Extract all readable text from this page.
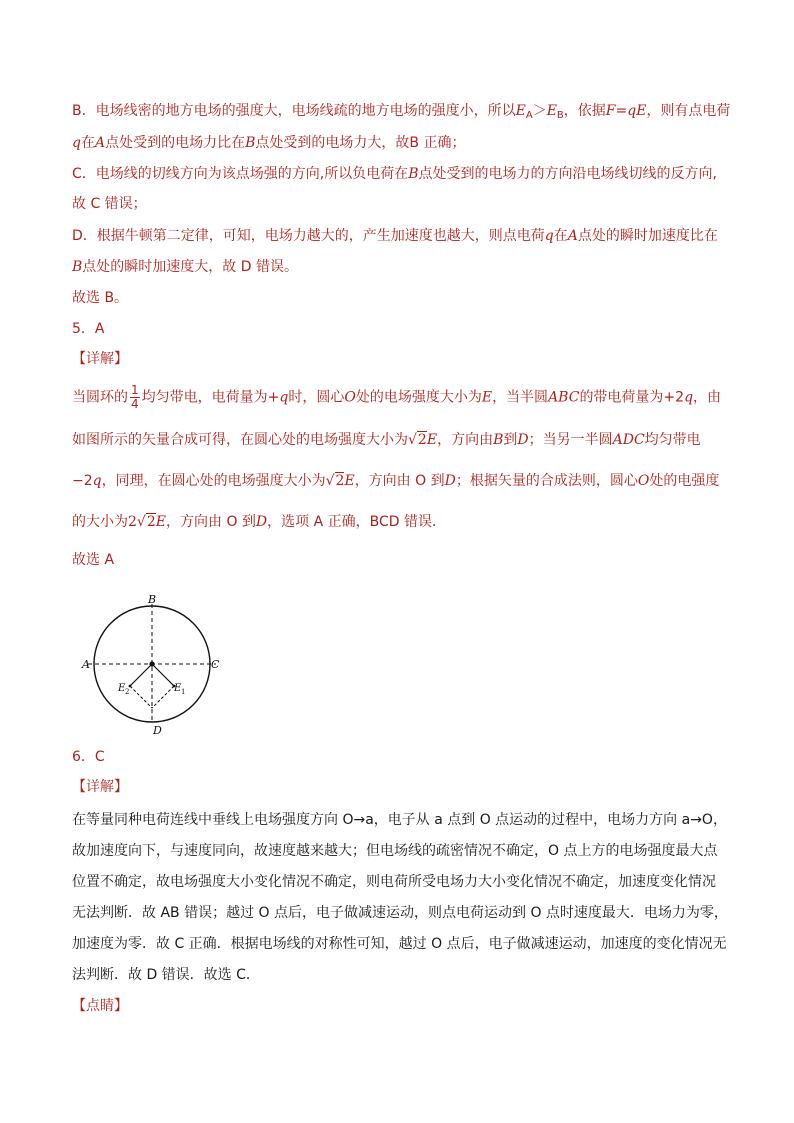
B．电场线密的地方电场的强度大，电场线疏的地方电场的强度小，所以$E_A>E_B$，依据F=qE，则有点电荷
q在A点处受到的电场力比在B点处受到的电场力大，故B 正确；
C．电场线的切线方向为该点场强的方向,所以负电荷在B点处受到的电场力的方向沿电场线切线的反方向,
故 C 错误；
D．根据牛顿第二定律，可知，电场力越大的，产生加速度也越大，则点电荷q在A点处的瞬时加速度比在
B点处的瞬时加速度大，故 D 错误。
故选 B。
5．A
【详解】
当圆环的 $\frac{1}{4}$ 均匀带电，电荷量为+q时，圆心O处的电场强度大小为E，当半圆ABC的带电荷量为+2q，由
如图所示的矢量合成可得，在圆心处的电场强度大小为√2E，方向由B到D；当另一半圆ADC均匀带电
−2q，同理，在圆心处的电场强度大小为√2E，方向由 O 到D；根据矢量的合成法则，圆心O处的电强度
的大小为2√2E，方向由 O 到D，选项 A 正确，BCD 错误．
故选 A
A
B
C
D
E 1
E 2
6．C
【详解】
在等量同种电荷连线中垂线上电场强度方向 O→a，电子从 a 点到 O 点运动的过程中，电场力方向 a→O，
故加速度向下，与速度同向，故速度越来越大；但电场线的疏密情况不确定，O 点上方的电场强度最大点
位置不确定，故电场强度大小变化情况不确定，则电荷所受电场力大小变化情况不确定，加速度变化情况
无法判断．故 AB 错误；越过 O 点后，电子做减速运动，则点电荷运动到 O 点时速度最大．电场力为零，
加速度为零．故 C 正确．根据电场线的对称性可知，越过 O 点后，电子做减速运动，加速度的变化情况无
法判断．故 D 错误．故选 C．
【点睛】
